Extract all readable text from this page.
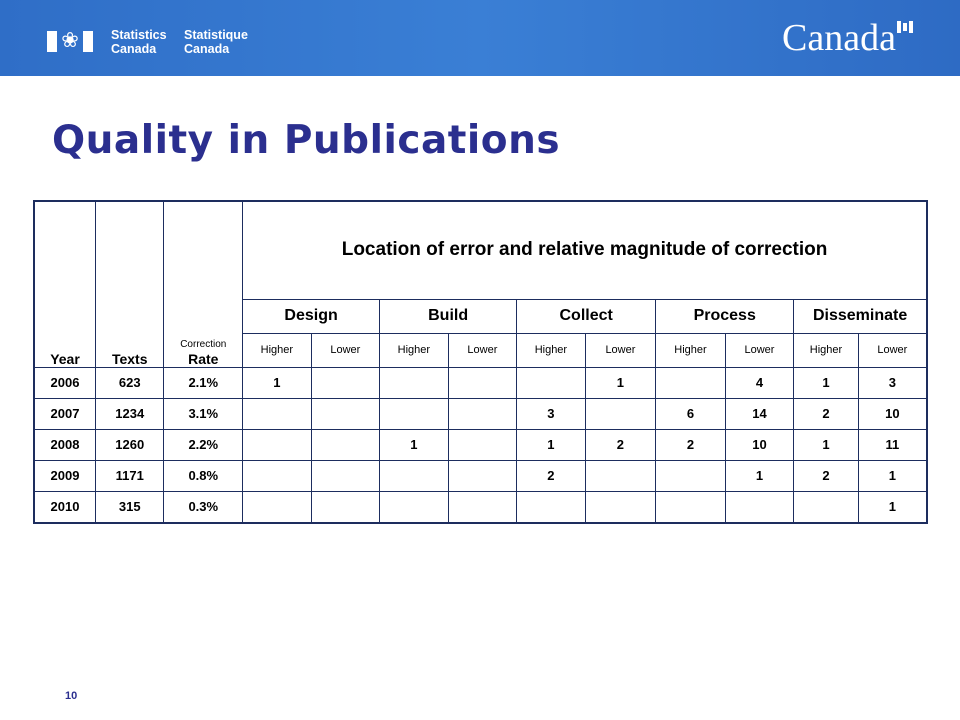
❀	Statistics
Canada
Statistique
Canada	Canada
Quality in Publications
Year	Texts	Correction
Rate	Location of error and relative magnitude of correction									
			Design		Build		Collect		Process		Disseminate	
			Higher	Lower	Higher	Lower	Higher	Lower	Higher	Lower	Higher	Lower
2006	623	2.1%	1					1		4	1	3
2007	1234	3.1%					3		6	14	2	10
2008	1260	2.2%			1		1	2	2	10	1	11
2009	1171	0.8%					2			1	2	1
2010	315	0.3%										1
10
